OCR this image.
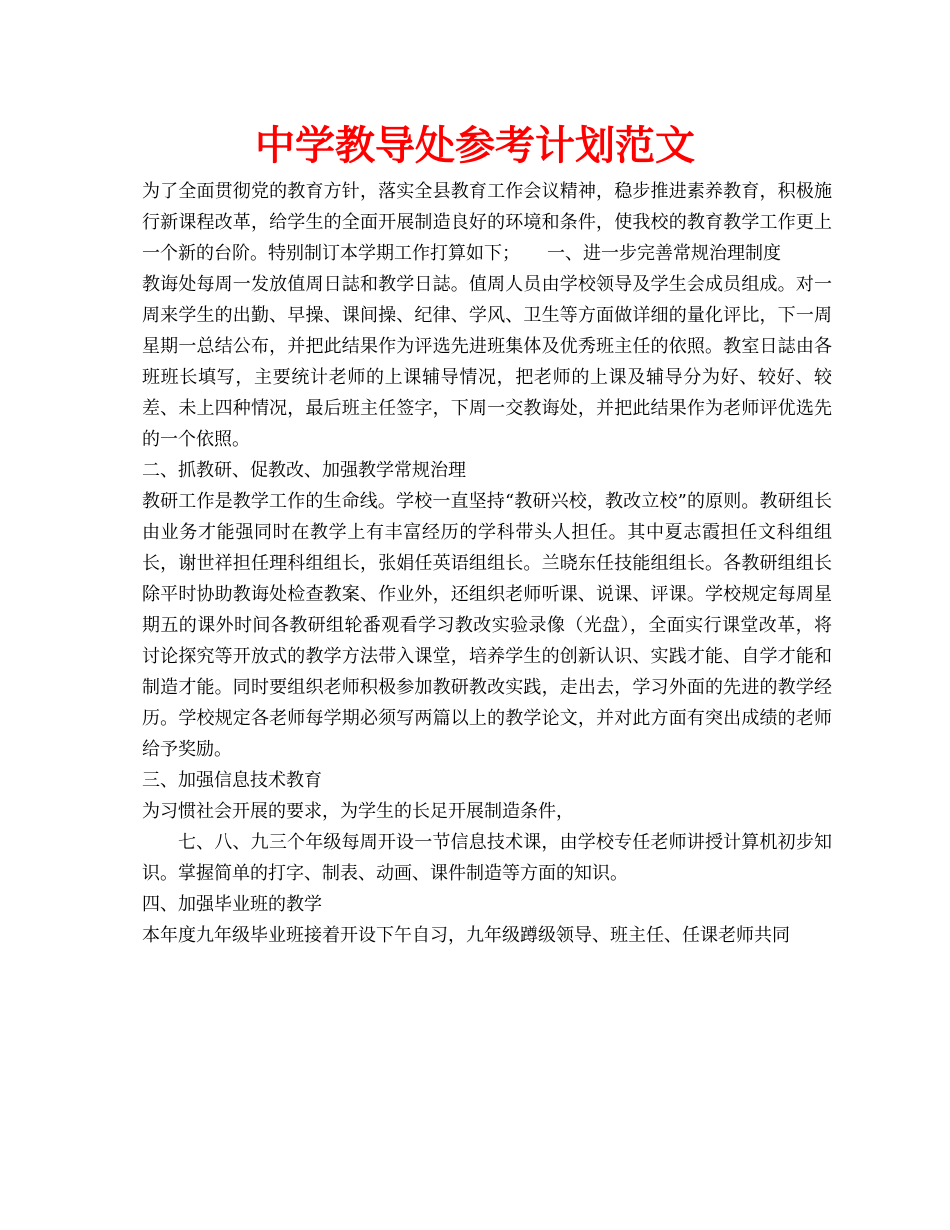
中学教导处参考计划范文

为了全面贯彻党的教育方针，落实全县教育工作会议精神，稳步推进素养教育，积极施行新课程改革，给学生的全面开展制造良好的环境和条件，使我校的教育教学工作更上一个新的台阶。特别制订本学期工作打算如下；　　一、进一步完善常规治理制度

教诲处每周一发放值周日誌和教学日誌。值周人员由学校领导及学生会成员组成。对一周来学生的出勤、早操、课间操、纪律、学风、卫生等方面做详细的量化评比，下一周星期一总结公布，并把此结果作为评选先进班集体及优秀班主任的依照。教室日誌由各班班长填写，主要统计老师的上课辅导情况，把老师的上课及辅导分为好、较好、较差、未上四种情况，最后班主任签字，下周一交教诲处，并把此结果作为老师评优选先的一个依照。

二、抓教研、促教改、加强教学常规治理

教研工作是教学工作的生命线。学校一直坚持“教研兴校，教改立校”的原则。教研组长由业务才能强同时在教学上有丰富经历的学科带头人担任。其中夏志霞担任文科组组长，谢世祥担任理科组组长，张娟任英语组组长。兰晓东任技能组组长。各教研组组长除平时协助教诲处检查教案、作业外，还组织老师听课、说课、评课。学校规定每周星期五的课外时间各教研组轮番观看学习教改实验录像（光盘），全面实行课堂改革，将讨论探究等开放式的教学方法带入课堂，培养学生的创新认识、实践才能、自学才能和制造才能。同时要组织老师积极参加教研教改实践，走出去，学习外面的先进的教学经历。学校规定各老师每学期必须写两篇以上的教学论文，并对此方面有突出成绩的老师给予奖励。

三、加强信息技术教育

为习惯社会开展的要求，为学生的长足开展制造条件，

七、八、九三个年级每周开设一节信息技术课，由学校专任老师讲授计算机初步知识。掌握简单的打字、制表、动画、课件制造等方面的知识。

四、加强毕业班的教学

本年度九年级毕业班接着开设下午自习，九年级蹲级领导、班主任、任课老师共同
